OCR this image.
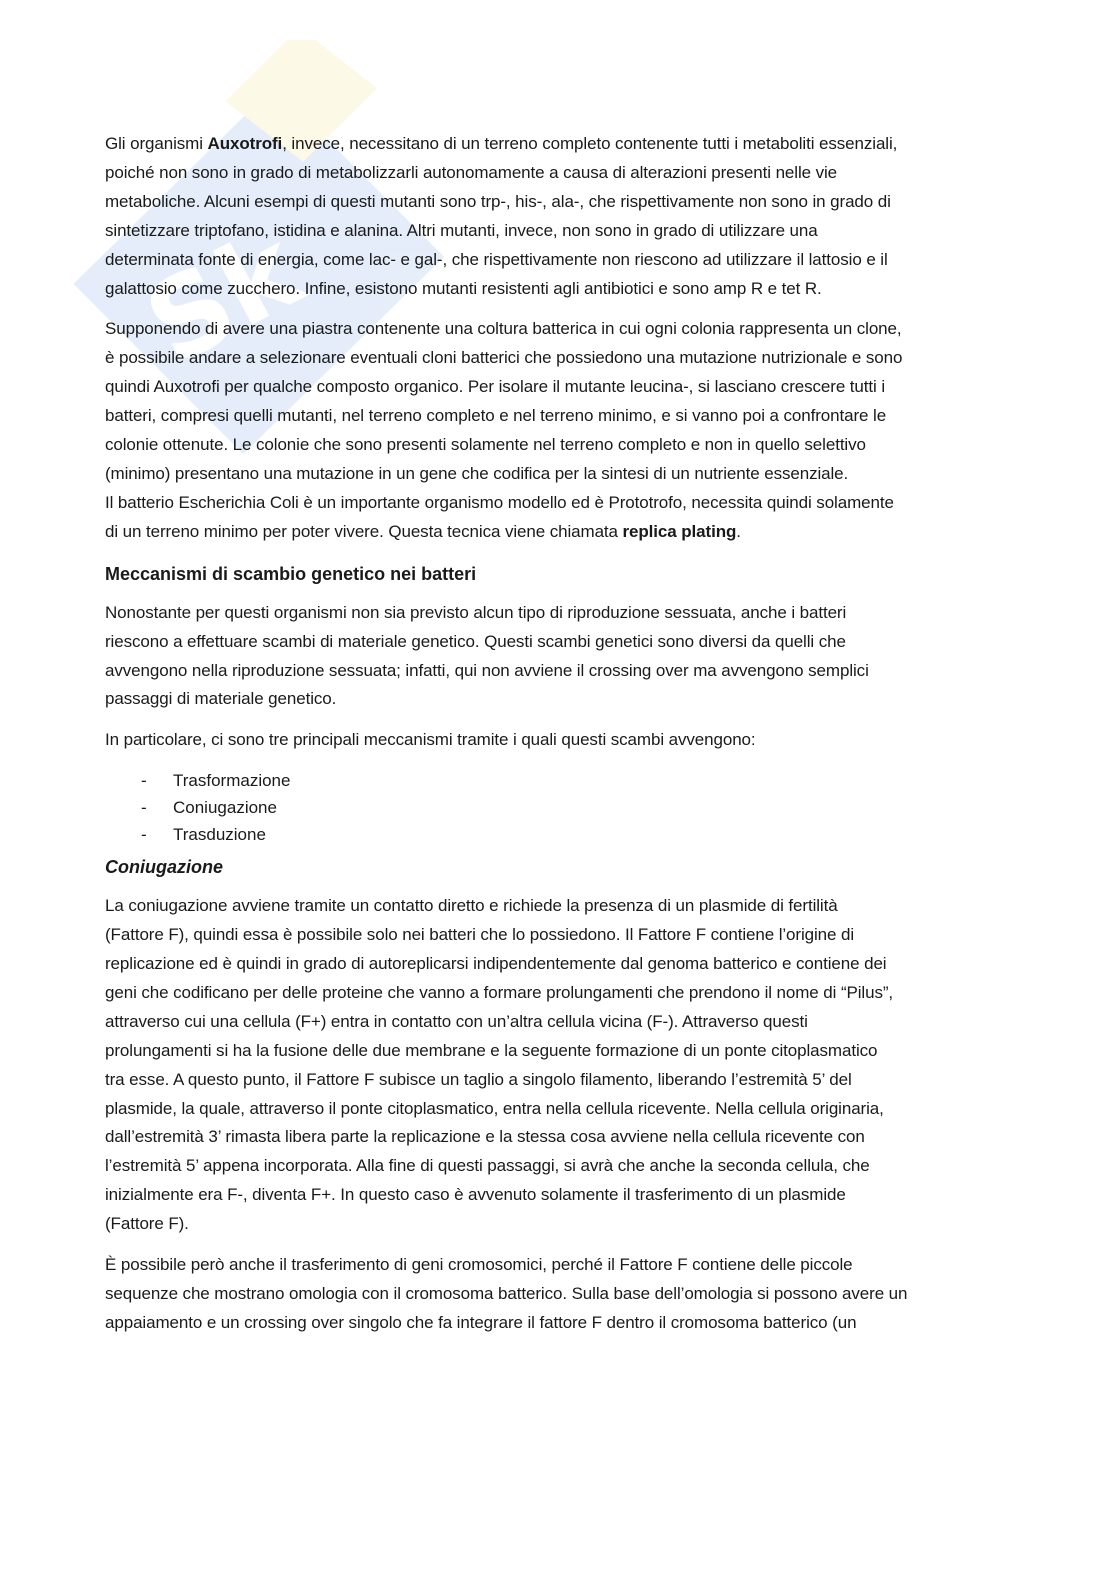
Sk

Gli organismi Auxotrofi, invece, necessitano di un terreno completo contenente tutti i metaboliti essenziali,
poiché non sono in grado di metabolizzarli autonomamente a causa di alterazioni presenti nelle vie
metaboliche. Alcuni esempi di questi mutanti sono trp-, his-, ala-, che rispettivamente non sono in grado di
sintetizzare triptofano, istidina e alanina. Altri mutanti, invece, non sono in grado di utilizzare una
determinata fonte di energia, come lac- e gal-, che rispettivamente non riescono ad utilizzare il lattosio e il
galattosio come zucchero. Infine, esistono mutanti resistenti agli antibiotici e sono amp R e tet R.

Supponendo di avere una piastra contenente una coltura batterica in cui ogni colonia rappresenta un clone,
è possibile andare a selezionare eventuali cloni batterici che possiedono una mutazione nutrizionale e sono
quindi Auxotrofi per qualche composto organico. Per isolare il mutante leucina-, si lasciano crescere tutti i
batteri, compresi quelli mutanti, nel terreno completo e nel terreno minimo, e si vanno poi a confrontare le
colonie ottenute. Le colonie che sono presenti solamente nel terreno completo e non in quello selettivo
(minimo) presentano una mutazione in un gene che codifica per la sintesi di un nutriente essenziale.
Il batterio Escherichia Coli è un importante organismo modello ed è Prototrofo, necessita quindi solamente
di un terreno minimo per poter vivere. Questa tecnica viene chiamata replica plating.

Meccanismi di scambio genetico nei batteri

Nonostante per questi organismi non sia previsto alcun tipo di riproduzione sessuata, anche i batteri
riescono a effettuare scambi di materiale genetico. Questi scambi genetici sono diversi da quelli che
avvengono nella riproduzione sessuata; infatti, qui non avviene il crossing over ma avvengono semplici
passaggi di materiale genetico.

In particolare, ci sono tre principali meccanismi tramite i quali questi scambi avvengono:

- Trasformazione
- Coniugazione
- Trasduzione
Coniugazione

La coniugazione avviene tramite un contatto diretto e richiede la presenza di un plasmide di fertilità
(Fattore F), quindi essa è possibile solo nei batteri che lo possiedono. Il Fattore F contiene l’origine di
replicazione ed è quindi in grado di autoreplicarsi indipendentemente dal genoma batterico e contiene dei
geni che codificano per delle proteine che vanno a formare prolungamenti che prendono il nome di “Pilus”,
attraverso cui una cellula (F+) entra in contatto con un’altra cellula vicina (F-). Attraverso questi
prolungamenti si ha la fusione delle due membrane e la seguente formazione di un ponte citoplasmatico
tra esse. A questo punto, il Fattore F subisce un taglio a singolo filamento, liberando l’estremità 5’ del
plasmide, la quale, attraverso il ponte citoplasmatico, entra nella cellula ricevente. Nella cellula originaria,
dall’estremità 3’ rimasta libera parte la replicazione e la stessa cosa avviene nella cellula ricevente con
l’estremità 5’ appena incorporata. Alla fine di questi passaggi, si avrà che anche la seconda cellula, che
inizialmente era F-, diventa F+. In questo caso è avvenuto solamente il trasferimento di un plasmide
(Fattore F).

È possibile però anche il trasferimento di geni cromosomici, perché il Fattore F contiene delle piccole
sequenze che mostrano omologia con il cromosoma batterico. Sulla base dell’omologia si possono avere un
appaiamento e un crossing over singolo che fa integrare il fattore F dentro il cromosoma batterico (un
